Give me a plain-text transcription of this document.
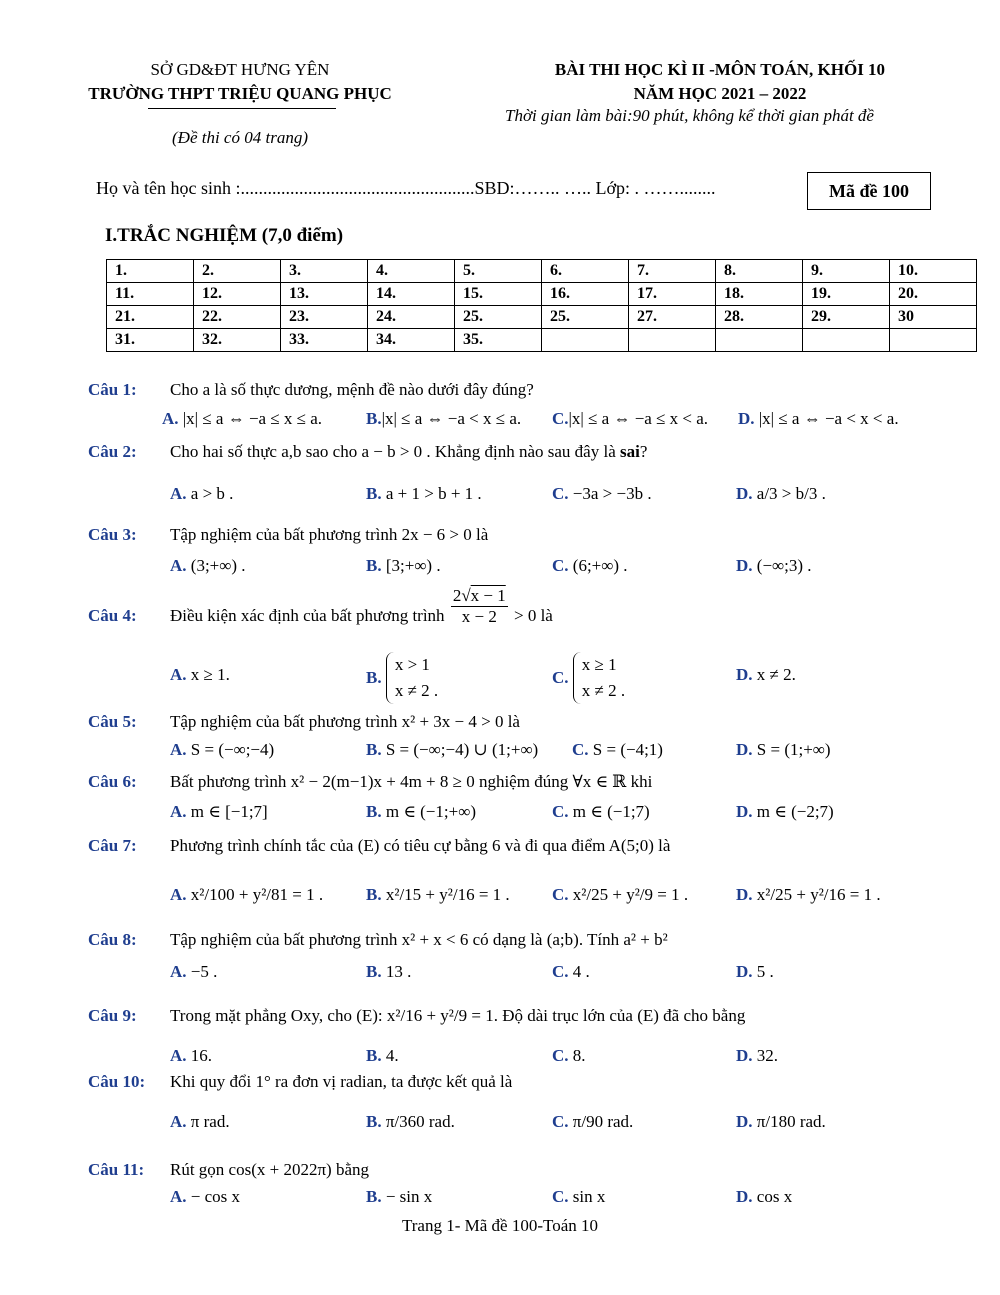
SỞ GD&ĐT HƯNG YÊN
TRƯỜNG THPT TRIỆU QUANG PHỤC
(Đề thi có 04 trang)
BÀI THI HỌC KÌ II -MÔN TOÁN, KHỐI 10
NĂM HỌC 2021 – 2022
Thời gian làm bài:90 phút, không kể thời gian phát đề
Họ và tên học sinh :....................................................SBD:…….. ….. Lớp: . ……........	Mã đề 100
I.TRẮC NGHIỆM (7,0 điểm)
1.	2.	3.	4.	5.	6.	7.	8.	9.	10.
11.	12.	13.	14.	15.	16.	17.	18.	19.	20.
21.	22.	23.	24.	25.	25.	27.	28.	29.	30
31.	32.	33.	34.	35.					
Câu 1: Cho a là số thực dương, mệnh đề nào dưới đây đúng?
A. |x| ≤ a ⇔ −a ≤ x ≤ a.	B.|x| ≤ a ⇔ −a < x ≤ a. C.|x| ≤ a ⇔ −a ≤ x < a. D. |x| ≤ a ⇔ −a < x < a.
Câu 2: Cho hai số thực a,b sao cho a − b > 0 . Khẳng định nào sau đây là sai?
A. a > b .	B. a + 1 > b + 1 .	C. −3a > −3b .	D. a/3 > b/3 .
Câu 3: Tập nghiệm của bất phương trình 2x − 6 > 0 là
A. (3;+∞) .	B. [3;+∞) .	C. (6;+∞) .	D. (−∞;3) .
Câu 4: Điều kiện xác định của bất phương trình $\frac{2√x - 1}{x - 2} > 0$ là
A. x ≥ 1.	B. x > 1
x ≠ 2 .
C. x ≥ 1
x ≠ 2 .
D. x ≠ 2.
Câu 5: Tập nghiệm của bất phương trình x² + 3x − 4 > 0 là
A. S = (−∞;−4)	B. S = (−∞;−4) ∪ (1;+∞) C. S = (−4;1)	D. S = (1;+∞)
Câu 6: Bất phương trình x² − 2(m−1)x + 4m + 8 ≥ 0 nghiệm đúng ∀x ∈ ℝ khi
A. m ∈ [−1;7]	B. m ∈ (−1;+∞)	C. m ∈ (−1;7)	D. m ∈ (−2;7)
Câu 7: Phương trình chính tắc của (E) có tiêu cự bằng 6 và đi qua điểm A(5;0) là
A. x²/100 + y²/81 = 1 .	B. x²/15 + y²/16 = 1 . C. x²/25 + y²/9 = 1 .	D. x²/25 + y²/16 = 1 .
Câu 8: Tập nghiệm của bất phương trình x² + x < 6 có dạng là (a;b). Tính a² + b²
A. −5 .	B. 13 .	C. 4 .	D. 5 .
Câu 9: Trong mặt phẳng Oxy, cho (E): x²/16 + y²/9 = 1. Độ dài trục lớn của (E) đã cho bằng
A. 16.	B. 4.	C. 8.	D. 32.
Câu 10: Khi quy đổi 1° ra đơn vị radian, ta được kết quả là
A. π rad.	B. π/360 rad.	C. π/90 rad.	D. π/180 rad.
Câu 11: Rút gọn cos(x + 2022π) bằng
A. − cos x	B. − sin x	C. sin x	D. cos x
Trang 1- Mã đề 100-Toán 10
